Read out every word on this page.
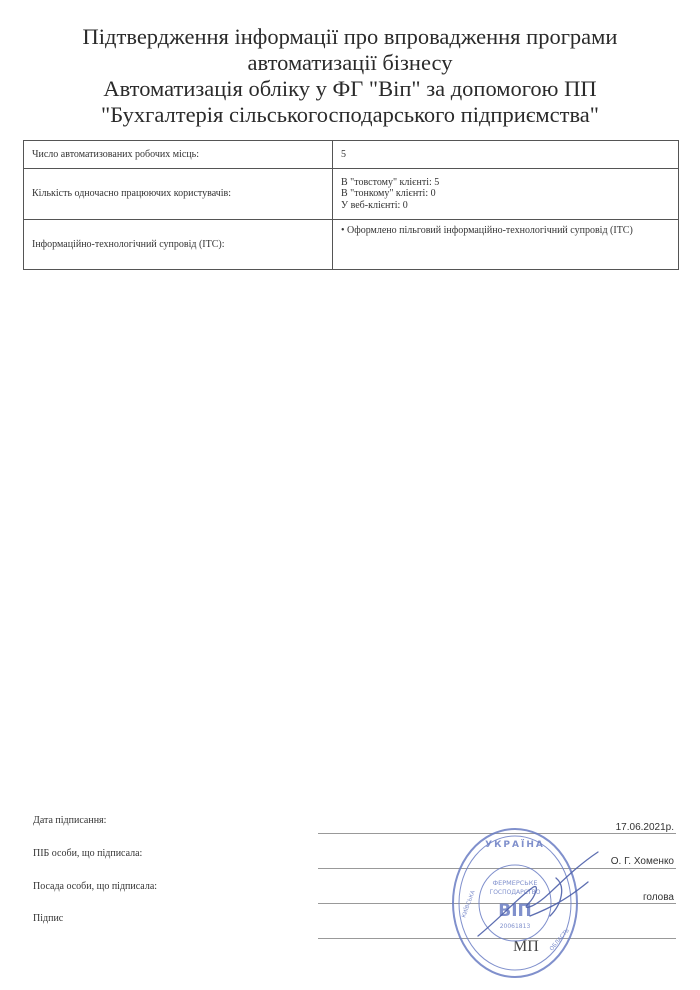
Підтвердження інформації про впровадження програми
автоматизації бізнесу
Автоматизація обліку у ФГ "Віп" за допомогою ПП
"Бухгалтерія сільськогосподарського підприємства"
Число автоматизованих робочих місць:	5

Кількість одночасно працюючих користувачів:	В "товстому" клієнті: 5
В "тонкому" клієнті: 0
У веб-клієнті: 0

Інформаційно-технологічний супровід (ІТС):	• Оформлено пільговий інформаційно-технологічний супровід (ІТС)
Дата підписання:
17.06.2021р.
ПІБ особи, що підписала:
О. Г. Хоменко
Посада особи, що підписала:
голова
Підпис
МП
УКРАЇНА
ФЕРМЕРСЬКЕ
ГОСПОДАРСТВО
ВІП
20061813
КИЇВСЬКА
ОБЛАСТЬ
